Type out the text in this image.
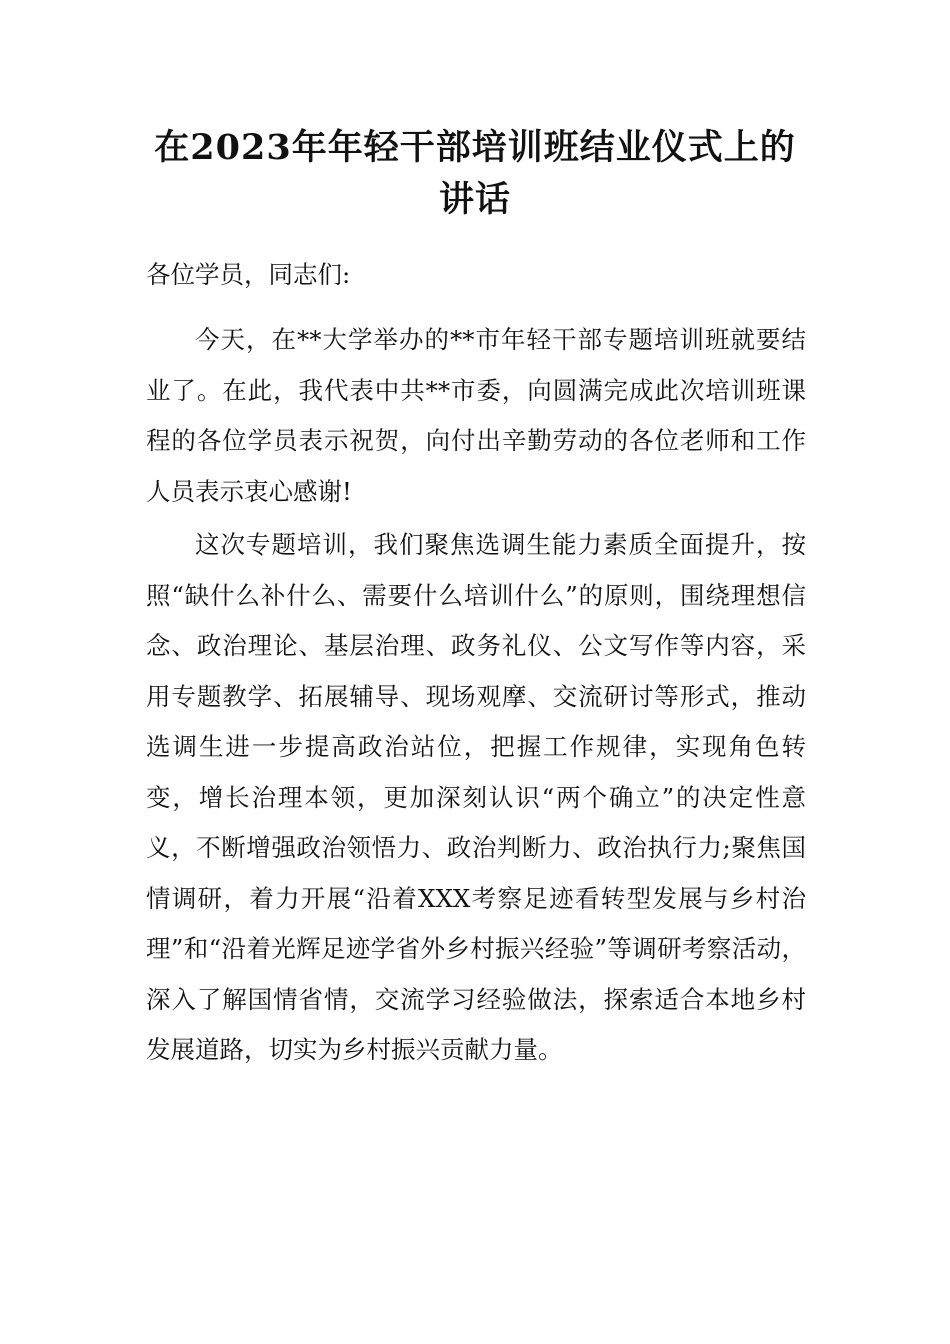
在2023年年轻干部培训班结业仪式上的讲话

各位学员，同志们:

今天，在**大学举办的**市年轻干部专题培训班就要结业了。在此，我代表中共**市委，向圆满完成此次培训班课程的各位学员表示祝贺，向付出辛勤劳动的各位老师和工作人员表示衷心感谢!

这次专题培训，我们聚焦选调生能力素质全面提升，按照“缺什么补什么、需要什么培训什么”的原则，围绕理想信念、政治理论、基层治理、政务礼仪、公文写作等内容，采用专题教学、拓展辅导、现场观摩、交流研讨等形式，推动选调生进一步提高政治站位，把握工作规律，实现角色转变，增长治理本领，更加深刻认识“两个确立”的决定性意义，不断增强政治领悟力、政治判断力、政治执行力;聚焦国情调研，着力开展“沿着XXX考察足迹看转型发展与乡村治理”和“沿着光辉足迹学省外乡村振兴经验”等调研考察活动，深入了解国情省情，交流学习经验做法，探索适合本地乡村发展道路，切实为乡村振兴贡献力量。
